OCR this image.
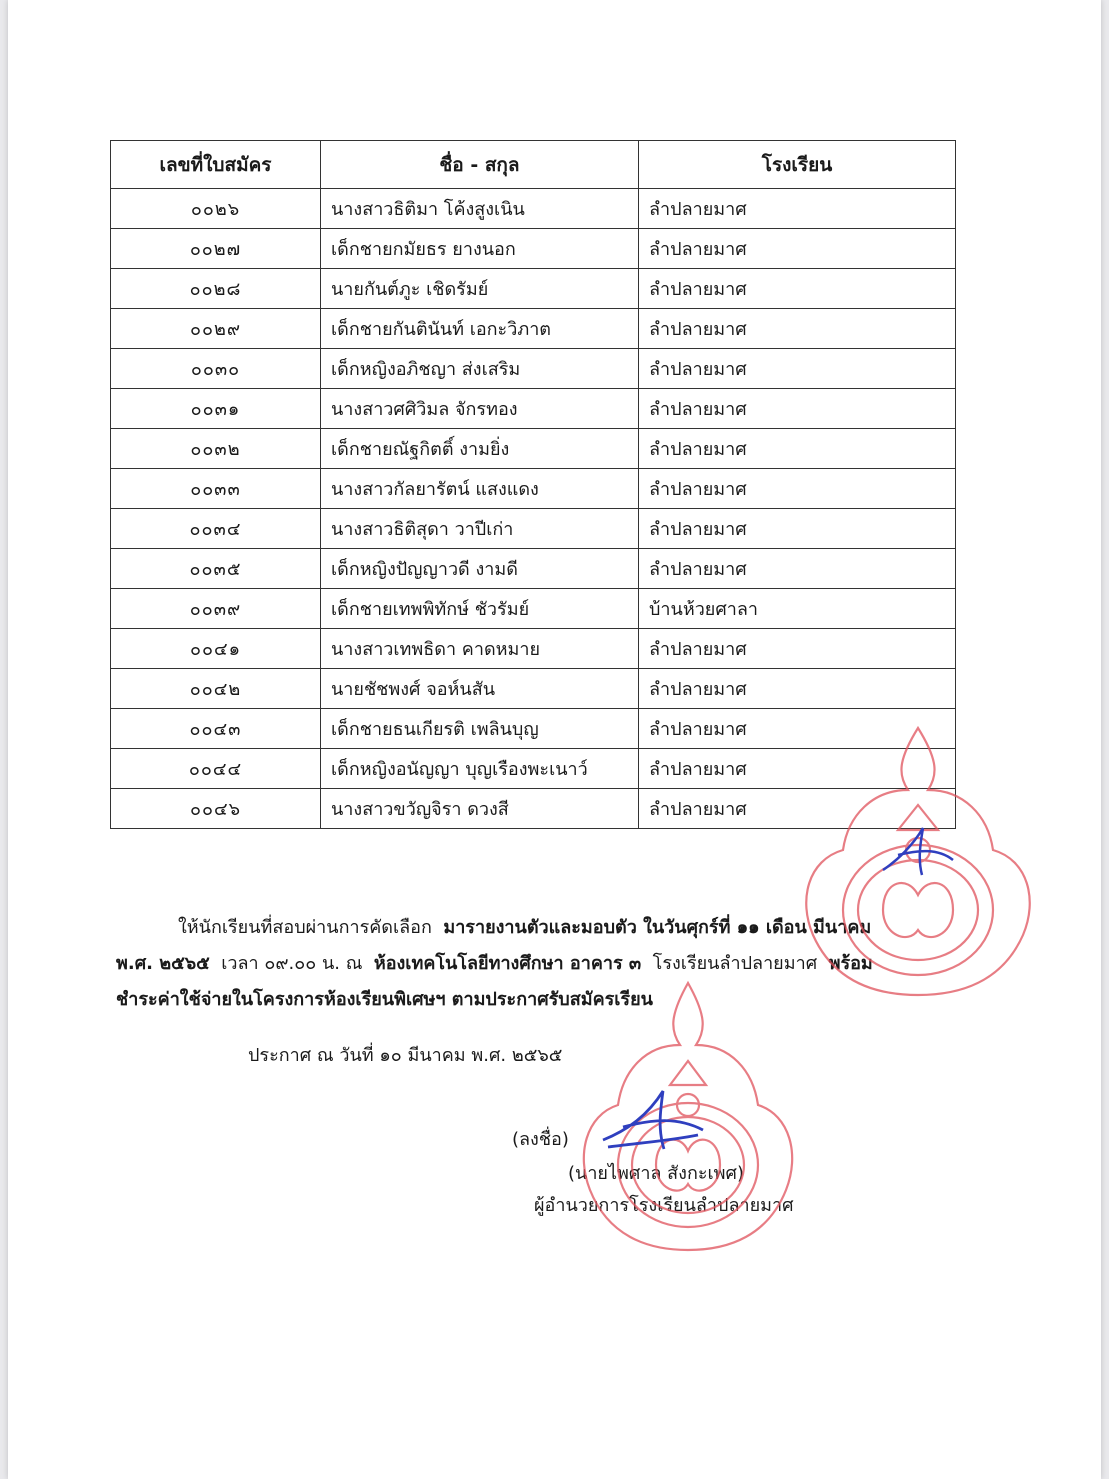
เลขที่ใบสมัคร	ชื่อ - สกุล	โรงเรียน
๐๐๒๖	นางสาวธิติมา โค้งสูงเนิน	ลำปลายมาศ
๐๐๒๗	เด็กชายกมัยธร ยางนอก	ลำปลายมาศ
๐๐๒๘	นายกันต์ภูะ เชิดรัมย์	ลำปลายมาศ
๐๐๒๙	เด็กชายกันตินันท์ เอกะวิภาต	ลำปลายมาศ
๐๐๓๐	เด็กหญิงอภิชญา ส่งเสริม	ลำปลายมาศ
๐๐๓๑	นางสาวศศิวิมล จักรทอง	ลำปลายมาศ
๐๐๓๒	เด็กชายณัฐกิตติ์ งามยิ่ง	ลำปลายมาศ
๐๐๓๓	นางสาวกัลยารัตน์ แสงแดง	ลำปลายมาศ
๐๐๓๔	นางสาวธิติสุดา วาปีเก่า	ลำปลายมาศ
๐๐๓๕	เด็กหญิงปัญญาวดี งามดี	ลำปลายมาศ
๐๐๓๙	เด็กชายเทพพิทักษ์ ชัวรัมย์	บ้านห้วยศาลา
๐๐๔๑	นางสาวเทพธิดา คาดหมาย	ลำปลายมาศ
๐๐๔๒	นายชัชพงศ์ จอห์นสัน	ลำปลายมาศ
๐๐๔๓	เด็กชายธนเกียรติ เพลินบุญ	ลำปลายมาศ
๐๐๔๔	เด็กหญิงอนัญญา บุญเรืองพะเนาว์	ลำปลายมาศ
๐๐๔๖	นางสาวขวัญจิรา ดวงสี	ลำปลายมาศ

ให้นักเรียนที่สอบผ่านการคัดเลือก มารายงานตัวและมอบตัว ในวันศุกร์ที่ ๑๑ เดือน มีนาคม

พ.ศ. ๒๕๖๕ เวลา ๐๙.๐๐ น. ณ ห้องเทคโนโลยีทางศึกษา อาคาร ๓ โรงเรียนลำปลายมาศ พร้อม

ชำระค่าใช้จ่ายในโครงการห้องเรียนพิเศษฯ ตามประกาศรับสมัครเรียน

ประกาศ ณ วันที่ ๑๐ มีนาคม พ.ศ. ๒๕๖๕
(ลงชื่อ)
(นายไพศาล สังกะเพศ)
ผู้อำนวยการโรงเรียนลำปลายมาศ
